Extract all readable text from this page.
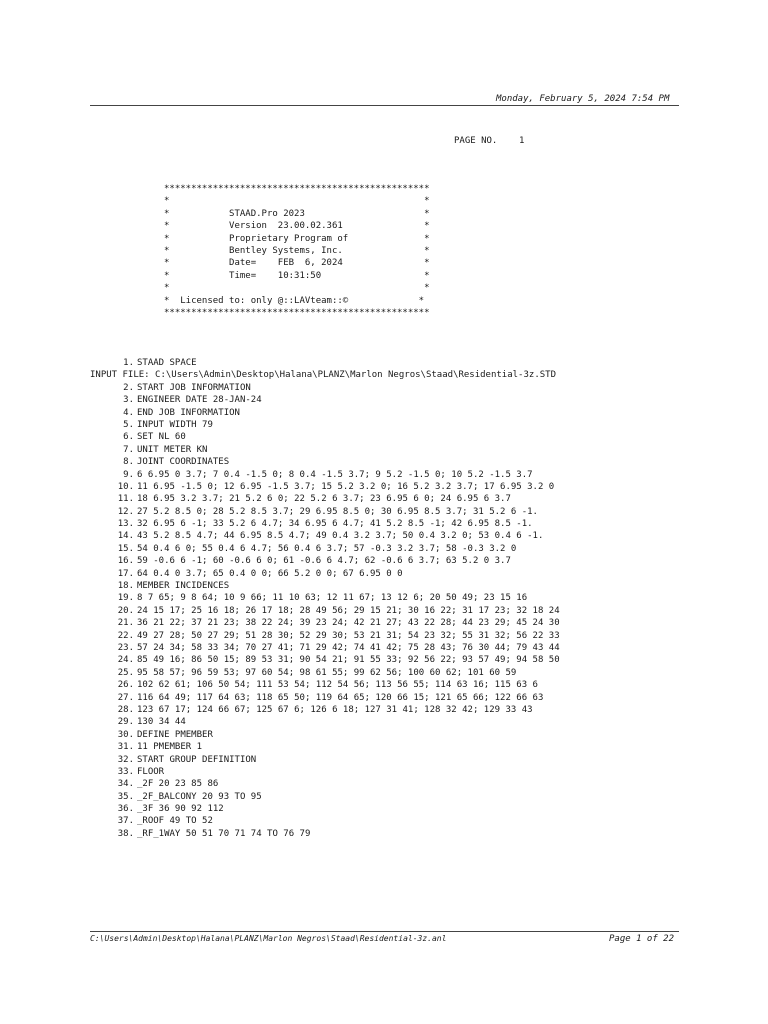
Monday, February 5, 2024 7:54 PM
PAGE NO.    1
*************************************************
*                                               *
*           STAAD.Pro 2023                      *
*           Version  23.00.02.361               *
*           Proprietary Program of              *
*           Bentley Systems, Inc.               *
*           Date=    FEB  6, 2024               *
*           Time=    10:31:50                   *
*                                               *
*  Licensed to: only @::LAVteam::©             *
*************************************************
1. STAAD SPACE
INPUT FILE: C:\Users\Admin\Desktop\Halana\PLANZ\Marlon Negros\Staad\Residential-3z.STD
2. START JOB INFORMATION
3. ENGINEER DATE 28-JAN-24
4. END JOB INFORMATION
5. INPUT WIDTH 79
6. SET NL 60
7. UNIT METER KN
8. JOINT COORDINATES
9. 6 6.95 0 3.7; 7 0.4 -1.5 0; 8 0.4 -1.5 3.7; 9 5.2 -1.5 0; 10 5.2 -1.5 3.7
10. 11 6.95 -1.5 0; 12 6.95 -1.5 3.7; 15 5.2 3.2 0; 16 5.2 3.2 3.7; 17 6.95 3.2 0
11. 18 6.95 3.2 3.7; 21 5.2 6 0; 22 5.2 6 3.7; 23 6.95 6 0; 24 6.95 6 3.7
12. 27 5.2 8.5 0; 28 5.2 8.5 3.7; 29 6.95 8.5 0; 30 6.95 8.5 3.7; 31 5.2 6 -1.
13. 32 6.95 6 -1; 33 5.2 6 4.7; 34 6.95 6 4.7; 41 5.2 8.5 -1; 42 6.95 8.5 -1.
14. 43 5.2 8.5 4.7; 44 6.95 8.5 4.7; 49 0.4 3.2 3.7; 50 0.4 3.2 0; 53 0.4 6 -1.
15. 54 0.4 6 0; 55 0.4 6 4.7; 56 0.4 6 3.7; 57 -0.3 3.2 3.7; 58 -0.3 3.2 0
16. 59 -0.6 6 -1; 60 -0.6 6 0; 61 -0.6 6 4.7; 62 -0.6 6 3.7; 63 5.2 0 3.7
17. 64 0.4 0 3.7; 65 0.4 0 0; 66 5.2 0 0; 67 6.95 0 0
18. MEMBER INCIDENCES
19. 8 7 65; 9 8 64; 10 9 66; 11 10 63; 12 11 67; 13 12 6; 20 50 49; 23 15 16
20. 24 15 17; 25 16 18; 26 17 18; 28 49 56; 29 15 21; 30 16 22; 31 17 23; 32 18 24
21. 36 21 22; 37 21 23; 38 22 24; 39 23 24; 42 21 27; 43 22 28; 44 23 29; 45 24 30
22. 49 27 28; 50 27 29; 51 28 30; 52 29 30; 53 21 31; 54 23 32; 55 31 32; 56 22 33
23. 57 24 34; 58 33 34; 70 27 41; 71 29 42; 74 41 42; 75 28 43; 76 30 44; 79 43 44
24. 85 49 16; 86 50 15; 89 53 31; 90 54 21; 91 55 33; 92 56 22; 93 57 49; 94 58 50
25. 95 58 57; 96 59 53; 97 60 54; 98 61 55; 99 62 56; 100 60 62; 101 60 59
26. 102 62 61; 106 50 54; 111 53 54; 112 54 56; 113 56 55; 114 63 16; 115 63 6
27. 116 64 49; 117 64 63; 118 65 50; 119 64 65; 120 66 15; 121 65 66; 122 66 63
28. 123 67 17; 124 66 67; 125 67 6; 126 6 18; 127 31 41; 128 32 42; 129 33 43
29. 130 34 44
30. DEFINE PMEMBER
31. 11 PMEMBER 1
32. START GROUP DEFINITION
33. FLOOR
34. _2F 20 23 85 86
35. _2F_BALCONY 20 93 TO 95
36. _3F 36 90 92 112
37. _ROOF 49 TO 52
38. _RF_1WAY 50 51 70 71 74 TO 76 79
C:\Users\Admin\Desktop\Halana\PLANZ\Marlon Negros\Staad\Residential-3z.anl	Page 1 of 22
